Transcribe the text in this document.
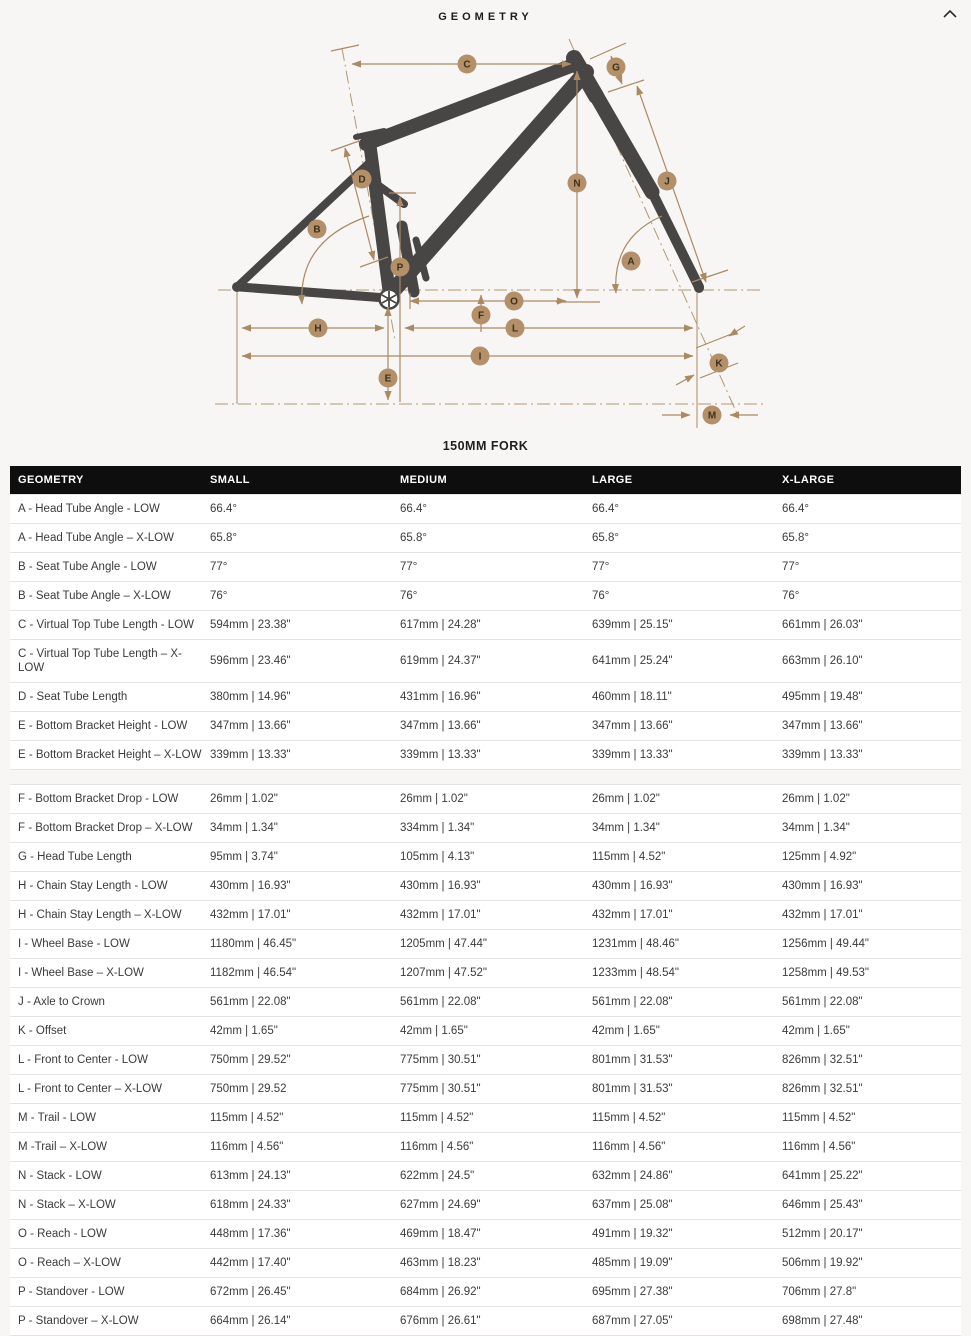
GEOMETRY
C	G
N	J
D
B
A
P
O
F
H	L
I
E
K
M
150MM FORK
GEOMETRY	SMALL	MEDIUM	LARGE	X-LARGE
A - Head Tube Angle - LOW	66.4°	66.4°	66.4°	66.4°
A - Head Tube Angle – X-LOW	65.8°	65.8°	65.8°	65.8°
B - Seat Tube Angle - LOW	77°	77°	77°	77°
B - Seat Tube Angle – X-LOW	76°	76°	76°	76°
C - Virtual Top Tube Length - LOW	594mm | 23.38"	617mm | 24.28"	639mm | 25.15"	661mm | 26.03"
C - Virtual Top Tube Length – X-LOW	596mm | 23.46"	619mm | 24.37"	641mm | 25.24"	663mm | 26.10"
D - Seat Tube Length	380mm | 14.96"	431mm | 16.96"	460mm | 18.11"	495mm | 19.48"
E - Bottom Bracket Height - LOW	347mm | 13.66"	347mm | 13.66"	347mm | 13.66"	347mm | 13.66"
E - Bottom Bracket Height – X-LOW	339mm | 13.33"	339mm | 13.33"	339mm | 13.33"	339mm | 13.33"

F - Bottom Bracket Drop - LOW	26mm | 1.02"	26mm | 1.02"	26mm | 1.02"	26mm | 1.02"
F - Bottom Bracket Drop – X-LOW	34mm | 1.34"	334mm | 1.34"	34mm | 1.34"	34mm | 1.34"
G - Head Tube Length	95mm | 3.74"	105mm | 4.13"	115mm | 4.52"	125mm | 4.92"
H - Chain Stay Length - LOW	430mm | 16.93"	430mm | 16.93"	430mm | 16.93"	430mm | 16.93"
H - Chain Stay Length – X-LOW	432mm | 17.01"	432mm | 17.01"	432mm | 17.01"	432mm | 17.01"
I - Wheel Base - LOW	1180mm | 46.45"	1205mm | 47.44"	1231mm | 48.46"	1256mm | 49.44"
I - Wheel Base – X-LOW	1182mm | 46.54"	1207mm | 47.52"	1233mm | 48.54"	1258mm | 49.53"
J - Axle to Crown	561mm | 22.08"	561mm | 22.08"	561mm | 22.08"	561mm | 22.08"
K - Offset	42mm | 1.65"	42mm | 1.65"	42mm | 1.65"	42mm | 1.65"
L - Front to Center - LOW	750mm | 29.52"	775mm | 30.51"	801mm | 31.53"	826mm | 32.51"
L - Front to Center – X-LOW	750mm | 29.52	775mm | 30.51"	801mm | 31.53"	826mm | 32.51"
M - Trail - LOW	115mm | 4.52"	115mm | 4.52"	115mm | 4.52"	115mm | 4.52"
M -Trail – X-LOW	116mm | 4.56"	116mm | 4.56"	116mm | 4.56"	116mm | 4.56"
N - Stack - LOW	613mm | 24.13"	622mm | 24.5"	632mm | 24.86"	641mm | 25.22"
N - Stack – X-LOW	618mm | 24.33"	627mm | 24.69"	637mm | 25.08"	646mm | 25.43"
O - Reach - LOW	448mm | 17.36"	469mm | 18.47"	491mm | 19.32"	512mm | 20.17"
O - Reach – X-LOW	442mm | 17.40"	463mm | 18.23"	485mm | 19.09"	506mm | 19.92"
P - Standover - LOW	672mm | 26.45"	684mm | 26.92"	695mm | 27.38"	706mm | 27.8"
P - Standover – X-LOW	664mm | 26.14"	676mm | 26.61"	687mm | 27.05"	698mm | 27.48"
